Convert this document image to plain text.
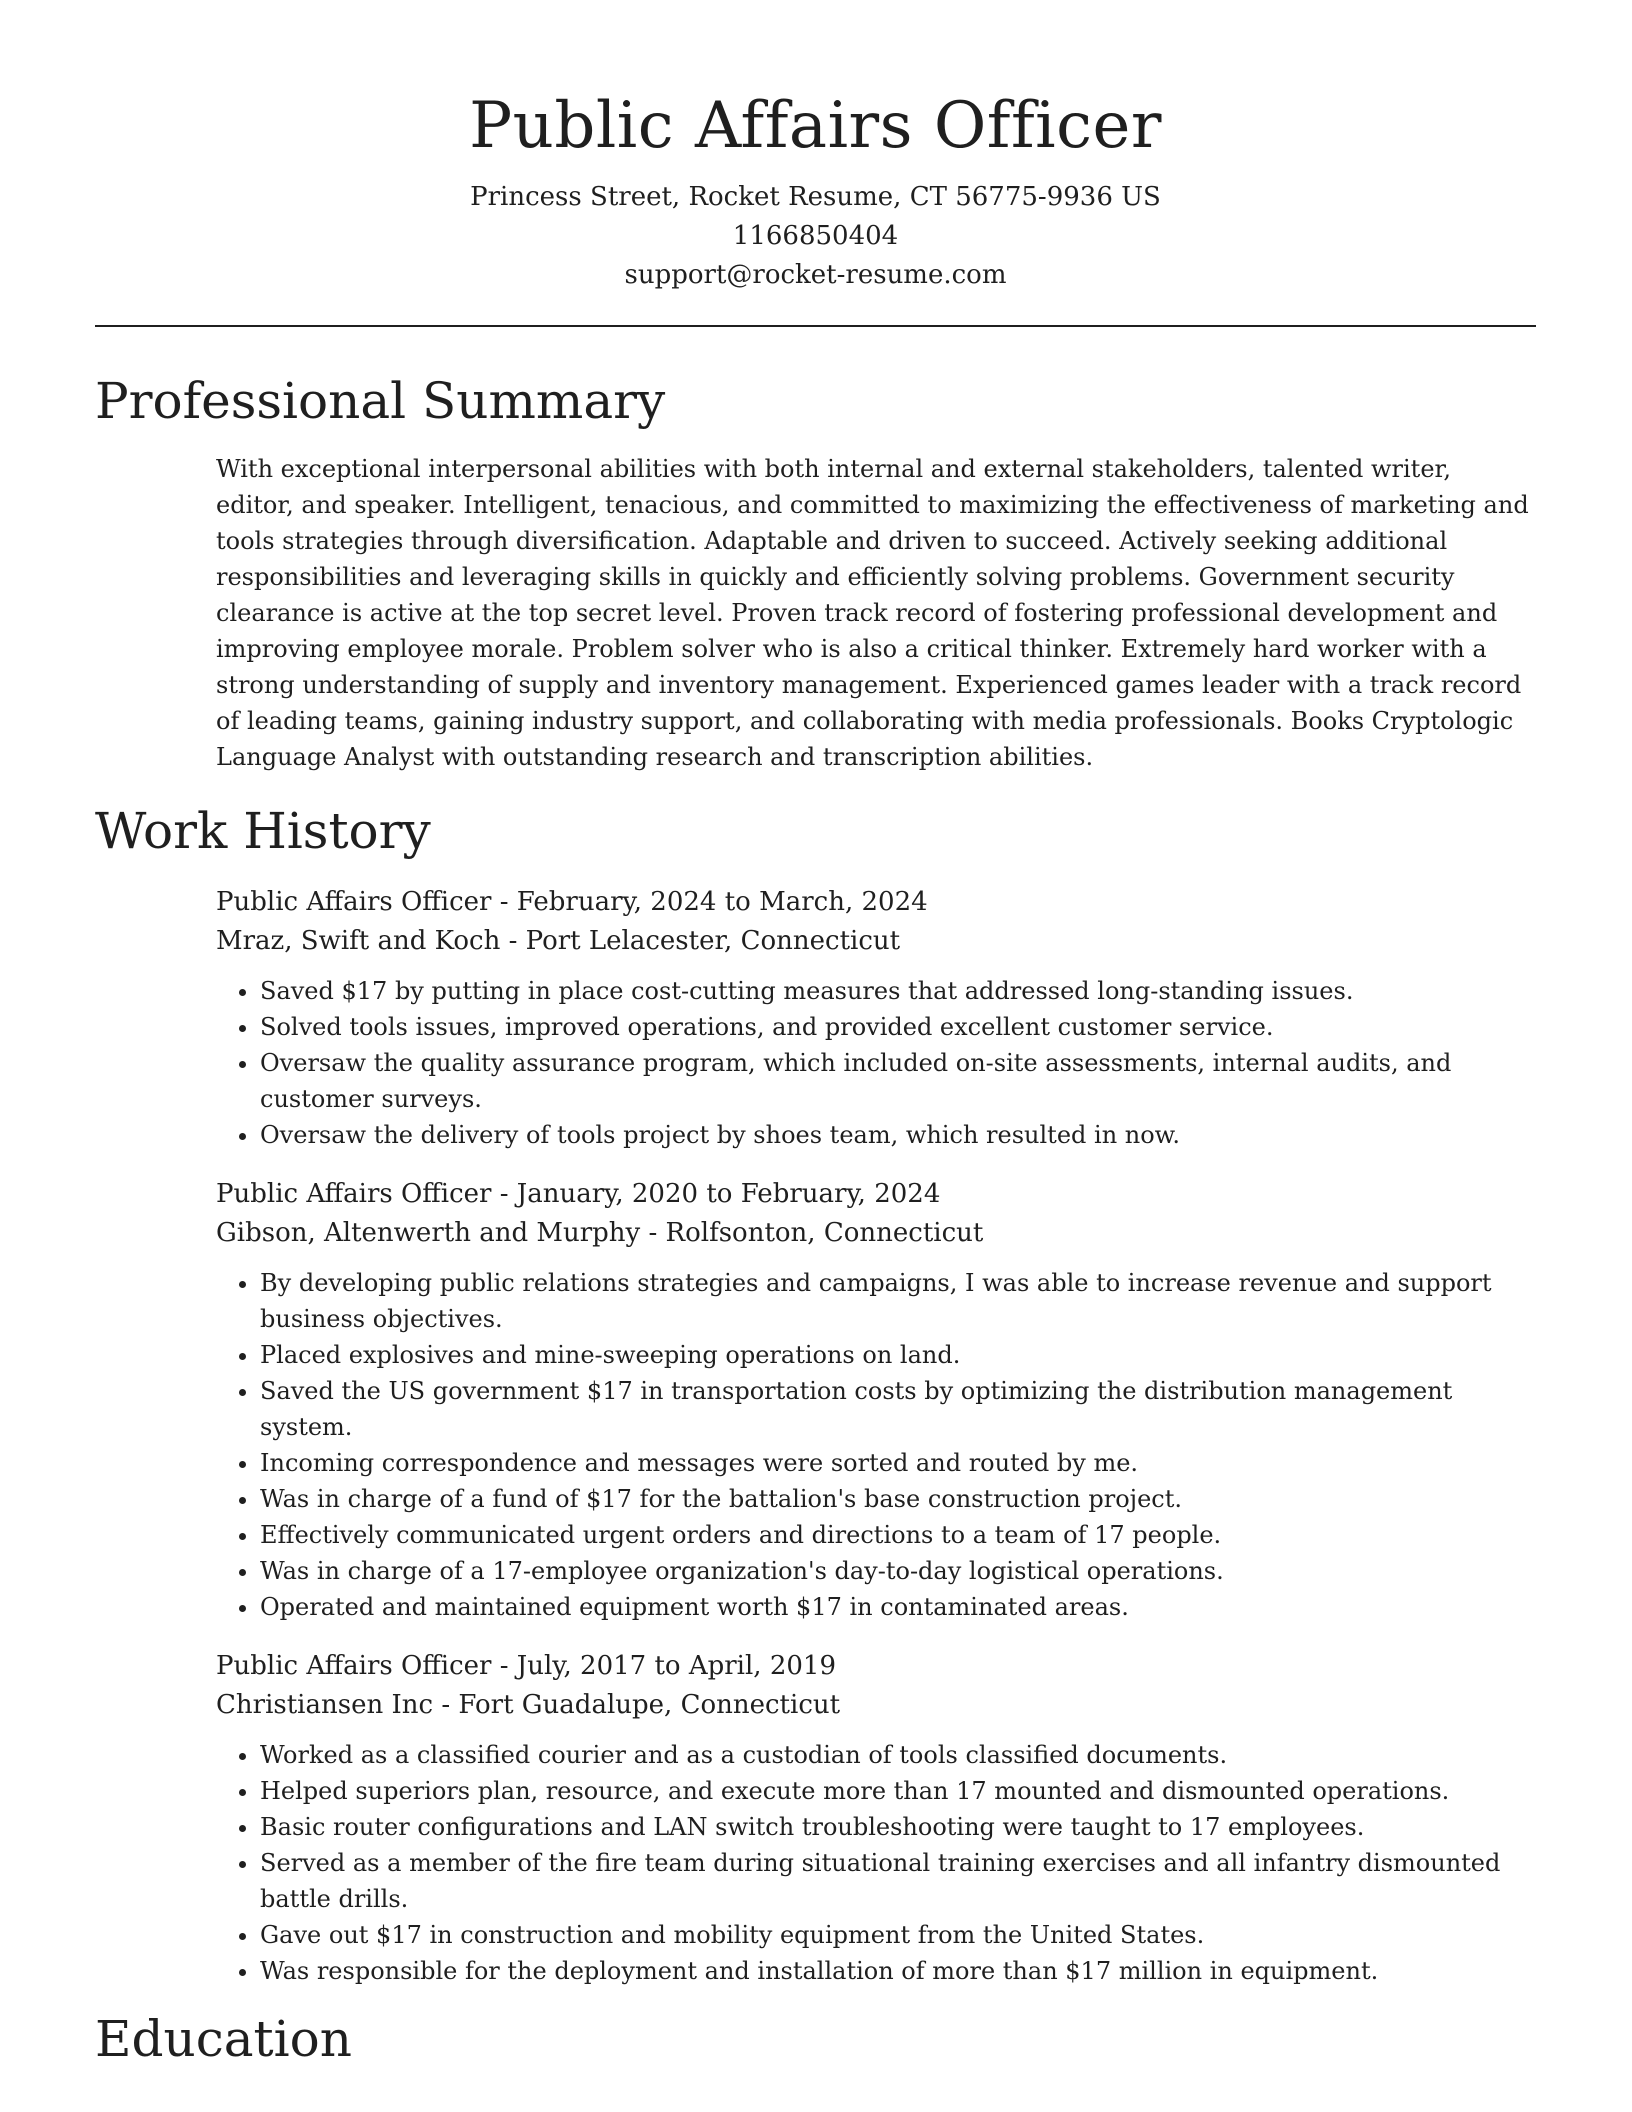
Public Affairs Officer
Princess Street, Rocket Resume, CT 56775-9936 US
1166850404
support@rocket-resume.com
Professional Summary
With exceptional interpersonal abilities with both internal and external stakeholders, talented writer, editor, and speaker. Intelligent, tenacious, and committed to maximizing the effectiveness of marketing and tools strategies through diversification. Adaptable and driven to succeed. Actively seeking additional responsibilities and leveraging skills in quickly and efficiently solving problems. Government security clearance is active at the top secret level. Proven track record of fostering professional development and improving employee morale. Problem solver who is also a critical thinker. Extremely hard worker with a strong understanding of supply and inventory management. Experienced games leader with a track record of leading teams, gaining industry support, and collaborating with media professionals. Books Cryptologic Language Analyst with outstanding research and transcription abilities.
Work History
Public Affairs Officer - February, 2024 to March, 2024
Mraz, Swift and Koch - Port Lelacester, Connecticut
• Saved $17 by putting in place cost-cutting measures that addressed long-standing issues.
• Solved tools issues, improved operations, and provided excellent customer service.
• Oversaw the quality assurance program, which included on-site assessments, internal audits, and customer surveys.
• Oversaw the delivery of tools project by shoes team, which resulted in now.
Public Affairs Officer - January, 2020 to February, 2024
Gibson, Altenwerth and Murphy - Rolfsonton, Connecticut
• By developing public relations strategies and campaigns, I was able to increase revenue and support business objectives.
• Placed explosives and mine-sweeping operations on land.
• Saved the US government $17 in transportation costs by optimizing the distribution management system.
• Incoming correspondence and messages were sorted and routed by me.
• Was in charge of a fund of $17 for the battalion's base construction project.
• Effectively communicated urgent orders and directions to a team of 17 people.
• Was in charge of a 17-employee organization's day-to-day logistical operations.
• Operated and maintained equipment worth $17 in contaminated areas.
Public Affairs Officer - July, 2017 to April, 2019
Christiansen Inc - Fort Guadalupe, Connecticut
• Worked as a classified courier and as a custodian of tools classified documents.
• Helped superiors plan, resource, and execute more than 17 mounted and dismounted operations.
• Basic router configurations and LAN switch troubleshooting were taught to 17 employees.
• Served as a member of the fire team during situational training exercises and all infantry dismounted battle drills.
• Gave out $17 in construction and mobility equipment from the United States.
• Was responsible for the deployment and installation of more than $17 million in equipment.
Education
